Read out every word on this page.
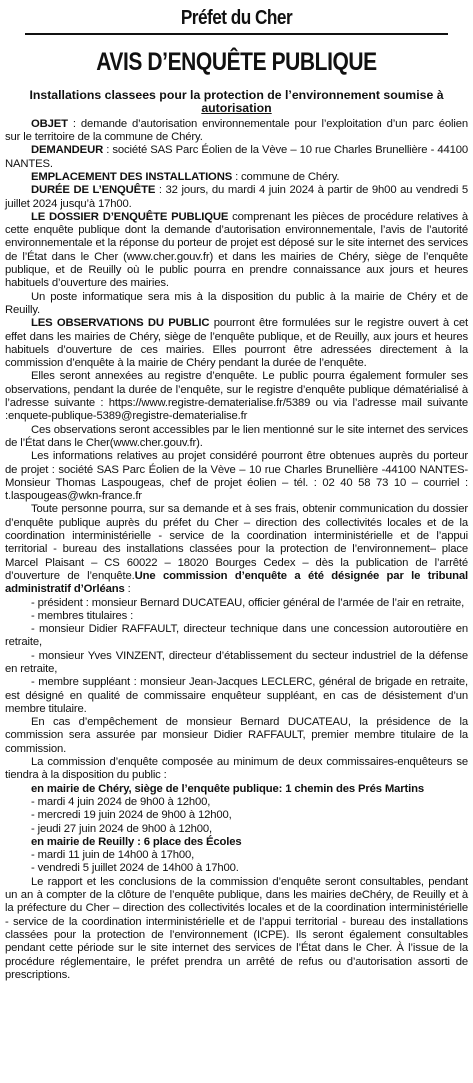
Préfet du Cher
AVIS D’ENQUÊTE PUBLIQUE
Installations classees pour la protection de l’environnement soumise à
autorisation

OBJET : demande d’autorisation environnementale pour l’exploitation d’un parc éolien sur le territoire de la commune de Chéry.

DEMANDEUR : société SAS Parc Éolien de la Vève – 10 rue Charles Brunellière - 44100 NANTES.

EMPLACEMENT DES INSTALLATIONS : commune de Chéry.

DURÉE DE L’ENQUÊTE : 32 jours, du mardi 4 juin 2024 à partir de 9h00 au vendredi 5 juillet 2024 jusqu’à 17h00.

LE DOSSIER D’ENQUÊTE PUBLIQUE comprenant les pièces de procédure relatives à cette enquête publique dont la demande d’autorisation environnementale, l’avis de l’autorité environnementale et la réponse du porteur de projet est déposé sur le site internet des services de l’État dans le Cher (www.cher.gouv.fr) et dans les mairies de Chéry, siège de l’enquête publique, et de Reuilly où le public pourra en prendre connaissance aux jours et heures habituels d’ouverture des mairies.

Un poste informatique sera mis à la disposition du public à la mairie de Chéry et de Reuilly.

LES OBSERVATIONS DU PUBLIC pourront être formulées sur le registre ouvert à cet effet dans les mairies de Chéry, siège de l’enquête publique, et de Reuilly, aux jours et heures habituels d’ouverture de ces mairies. Elles pourront être adressées directement à la commission d’enquête à la mairie de Chéry pendant la durée de l’enquête.

Elles seront annexées au registre d’enquête. Le public pourra également formuler ses observations, pendant la durée de l’enquête, sur le registre d’enquête publique dématérialisé à l’adresse suivante : https://www.registre-dematerialise.fr/5389 ou via l’adresse mail suivante :enquete-publique-5389@registre-dematerialise.fr

Ces observations seront accessibles par le lien mentionné sur le site internet des services de l’État dans le Cher(www.cher.gouv.fr).

Les informations relatives au projet considéré pourront être obtenues auprès du porteur de projet : société SAS Parc Éolien de la Vève – 10 rue Charles Brunellière -44100 NANTES- Monsieur Thomas Laspougeas, chef de projet éolien – tél. : 02 40 58 73 10 – courriel : t.laspougeas@wkn-france.fr

Toute personne pourra, sur sa demande et à ses frais, obtenir communication du dossier d’enquête publique auprès du préfet du Cher – direction des collectivités locales et de la coordination interministérielle - service de la coordination interministérielle et de l’appui territorial - bureau des installations classées pour la protection de l’environnement– place Marcel Plaisant – CS 60022 – 18020 Bourges Cedex – dès la publication de l’arrêté d’ouverture de l’enquête.Une commission d’enquête a été désignée par le tribunal administratif d’Orléans :

- président : monsieur Bernard DUCATEAU, officier général de l’armée de l’air en retraite,

- membres titulaires :

- monsieur Didier RAFFAULT, directeur technique dans une concession autoroutière en retraite,

- monsieur Yves VINZENT, directeur d’établissement du secteur industriel de la défense en retraite,

- membre suppléant : monsieur Jean-Jacques LECLERC, général de brigade en retraite, est désigné en qualité de commissaire enquêteur suppléant, en cas de désistement d’un membre titulaire.

En cas d’empêchement de monsieur Bernard DUCATEAU, la présidence de la commission sera assurée par monsieur Didier RAFFAULT, premier membre titulaire de la commission.

La commission d’enquête composée au minimum de deux commissaires-enquêteurs se tiendra à la disposition du public :

en mairie de Chéry, siège de l’enquête publique: 1 chemin des Prés Martins

- mardi 4 juin 2024 de 9h00 à 12h00,

- mercredi 19 juin 2024 de 9h00 à 12h00,

- jeudi 27 juin 2024 de 9h00 à 12h00,

en mairie de Reuilly : 6 place des Écoles

- mardi 11 juin de 14h00 à 17h00,

- vendredi 5 juillet 2024 de 14h00 à 17h00.

Le rapport et les conclusions de la commission d’enquête seront consultables, pendant un an à compter de la clôture de l’enquête publique, dans les mairies deChéry, de Reuilly et à la préfecture du Cher – direction des collectivités locales et de la coordination interministérielle - service de la coordination interministérielle et de l’appui territorial - bureau des installations classées pour la protection de l’environnement (ICPE). Ils seront également consultables pendant cette période sur le site internet des services de l’État dans le Cher. À l’issue de la procédure réglementaire, le préfet prendra un arrêté de refus ou d’autorisation assorti de prescriptions.
